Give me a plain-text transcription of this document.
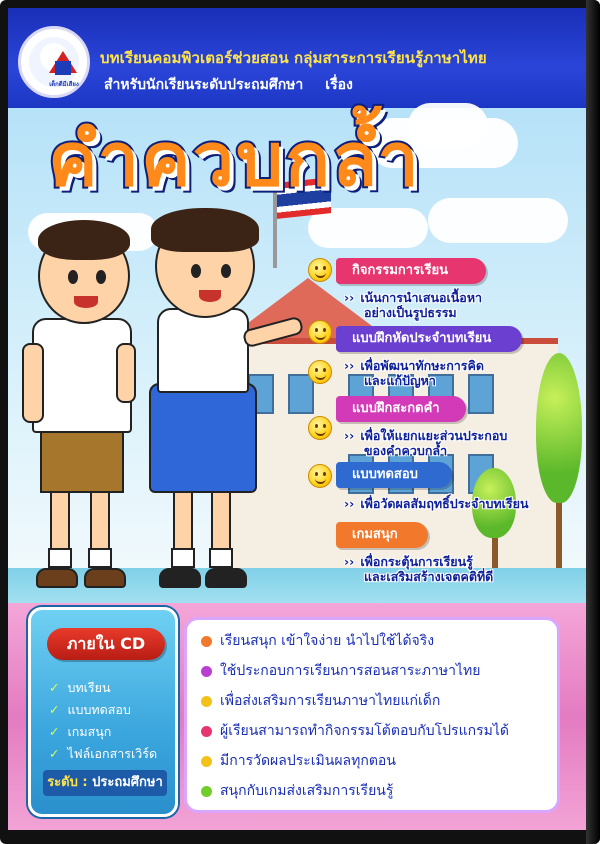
เด็กดีมีเสียง
บทเรียนคอมพิวเตอร์ช่วยสอน กลุ่มสาระการเรียนรู้ภาษาไทย
สำหรับนักเรียนระดับประถมศึกษา เรื่อง
คำควบกล้ำ
กิจกรรมการเรียน
›› เน้นการนำเสนอเนื้อหา
อย่างเป็นรูปธรรม
แบบฝึกหัดประจำบทเรียน
›› เพื่อพัฒนาทักษะการคิด
และแก้ปัญหา
แบบฝึกสะกดคำ
›› เพื่อให้แยกแยะส่วนประกอบ
ของคำควบกล้ำ
แบบทดสอบ
›› เพื่อวัดผลสัมฤทธิ์ประจำบทเรียน
เกมสนุก
›› เพื่อกระตุ้นการเรียนรู้
และเสริมสร้างเจตคติที่ดี
ภายใน CD
✓ บทเรียน
✓ แบบทดสอบ
✓ เกมสนุก
✓ ไฟล์เอกสารเวิร์ด
ระดับ : ประถมศึกษา
เรียนสนุก เข้าใจง่าย นำไปใช้ได้จริง
ใช้ประกอบการเรียนการสอนสาระภาษาไทย
เพื่อส่งเสริมการเรียนภาษาไทยแก่เด็ก
ผู้เรียนสามารถทำกิจกรรมโต้ตอบกับโปรแกรมได้
มีการวัดผลประเมินผลทุกตอน
สนุกกับเกมส่งเสริมการเรียนรู้
